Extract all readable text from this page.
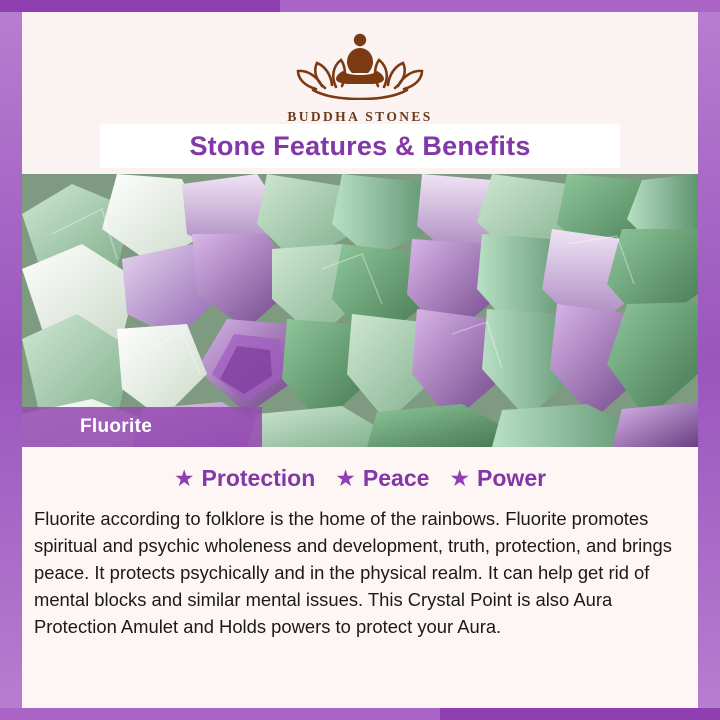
BUDDHA STONES
Stone Features & Benefits
Fluorite
★ Protection ★ Peace ★ Power

Fluorite according to folklore is the home of the rainbows. Fluorite promotes spiritual and psychic wholeness and development, truth, protection, and brings peace. It protects psychically and in the physical realm. It can help get rid of mental blocks and similar mental issues. This Crystal Point is also Aura Protection Amulet and Holds powers to protect your Aura.
